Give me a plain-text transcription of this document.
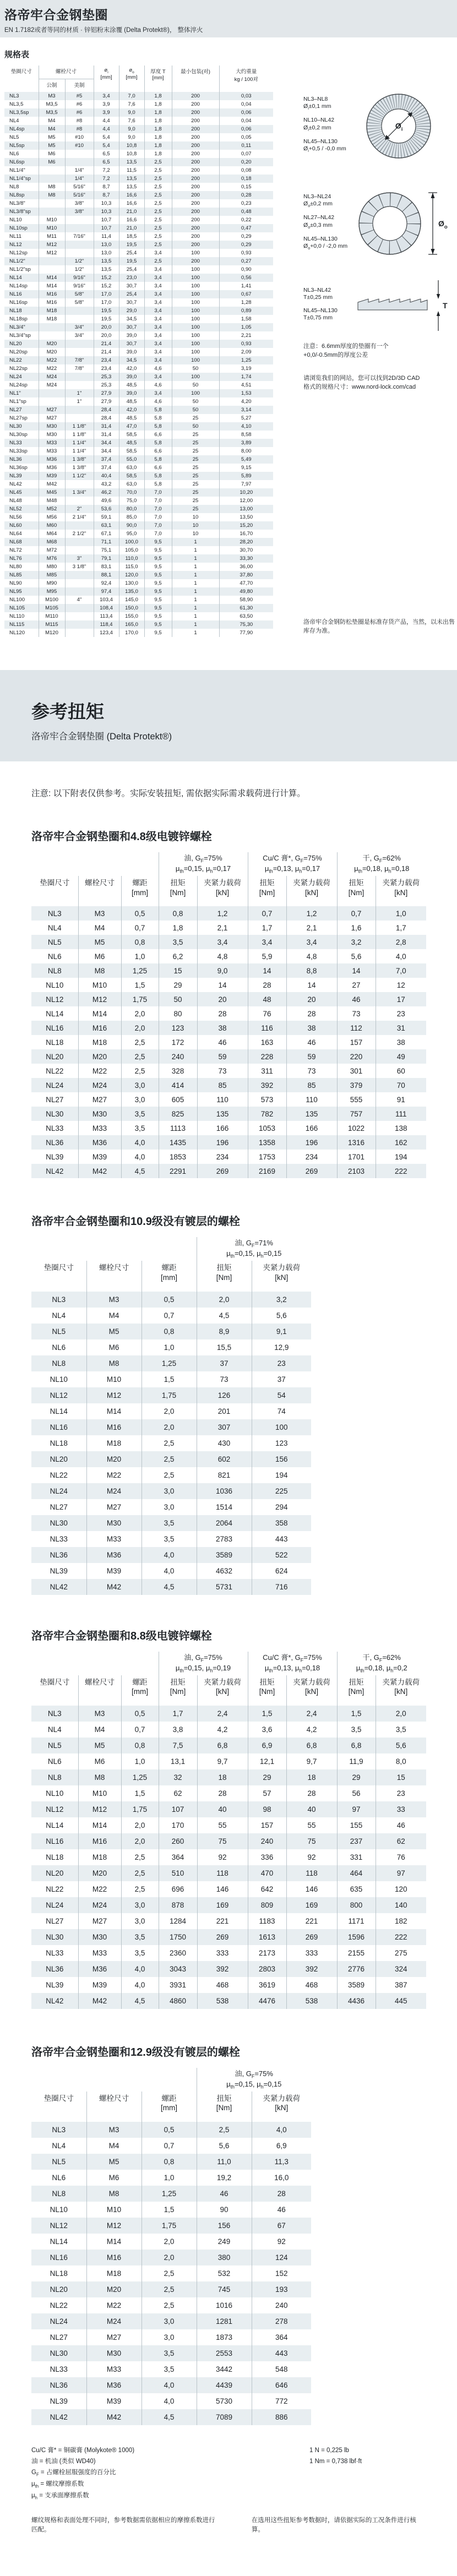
洛帝牢合金钢垫圈
EN 1.7182或者等同的材质 · 锌铝粉末涂覆 (Delta Protekt®)， 整体淬火
规格表
垫圈尺寸	螺栓尺寸		$ø_i$
[mm]	$ø_o$
[mm]	厚度 T
[mm]	最小包装(对)	大约重量
kg / 100对
	公制	美制					
NL3	M3	#5	3,4	7,0	1,8	200	0,03
NL3,5	M3,5	#6	3,9	7,6	1,8	200	0,04
NL3,5sp	M3,5	#6	3,9	9,0	1,8	200	0,06
NL4	M4	#8	4,4	7,6	1,8	200	0,04
NL4sp	M4	#8	4,4	9,0	1,8	200	0,06
NL5	M5	#10	5,4	9,0	1,8	200	0,05
NL5sp	M5	#10	5,4	10,8	1,8	200	0,11
NL6	M6		6,5	10,8	1,8	200	0,07
NL6sp	M6		6,5	13,5	2,5	200	0,20
NL1/4"		1/4"	7,2	11,5	2,5	200	0,08
NL1/4"sp		1/4"	7,2	13,5	2,5	200	0,18
NL8	M8	5/16"	8,7	13,5	2,5	200	0,15
NL8sp	M8	5/16"	8,7	16,6	2,5	200	0,28
NL3/8"		3/8"	10,3	16,6	2,5	200	0,23
NL3/8"sp		3/8"	10,3	21,0	2,5	200	0,48
NL10	M10		10,7	16,6	2,5	200	0,22
NL10sp	M10		10,7	21,0	2,5	200	0,47
NL11	M11	7/16"	11,4	18,5	2,5	200	0,29
NL12	M12		13,0	19,5	2,5	200	0,29
NL12sp	M12		13,0	25,4	3,4	100	0,93
NL1/2"		1/2"	13,5	19,5	2,5	200	0,27
NL1/2"sp		1/2"	13,5	25,4	3,4	100	0,90
NL14	M14	9/16"	15,2	23,0	3,4	100	0,56
NL14sp	M14	9/16"	15,2	30,7	3,4	100	1,41
NL16	M16	5/8"	17,0	25,4	3,4	100	0,67
NL16sp	M16	5/8"	17,0	30,7	3,4	100	1,28
NL18	M18		19,5	29,0	3,4	100	0,89
NL18sp	M18		19,5	34,5	3,4	100	1,58
NL3/4"		3/4"	20,0	30,7	3,4	100	1,05
NL3/4"sp		3/4"	20,0	39,0	3,4	100	2,21
NL20	M20		21,4	30,7	3,4	100	0,93
NL20sp	M20		21,4	39,0	3,4	100	2,09
NL22	M22	7/8"	23,4	34,5	3,4	100	1,25
NL22sp	M22	7/8"	23,4	42,0	4,6	50	3,19
NL24	M24		25,3	39,0	3,4	100	1,74
NL24sp	M24		25,3	48,5	4,6	50	4,51
NL1"		1"	27,9	39,0	3,4	100	1,53
NL1"sp		1"	27,9	48,5	4,6	50	4,20
NL27	M27		28,4	42,0	5,8	50	3,14
NL27sp	M27		28,4	48,5	5,8	25	5,27
NL30	M30	1 1/8"	31,4	47,0	5,8	50	4,10
NL30sp	M30	1 1/8"	31,4	58,5	6,6	25	8,58
NL33	M33	1 1/4"	34,4	48,5	5,8	25	3,89
NL33sp	M33	1 1/4"	34,4	58,5	6,6	25	8,00
NL36	M36	1 3/8"	37,4	55,0	5,8	25	5,49
NL36sp	M36	1 3/8"	37,4	63,0	6,6	25	9,15
NL39	M39	1 1/2"	40,4	58,5	5,8	25	5,89
NL42	M42		43,2	63,0	5,8	25	7,97
NL45	M45	1 3/4"	46,2	70,0	7,0	25	10,20
NL48	M48		49,6	75,0	7,0	25	12,00
NL52	M52	2"	53,6	80,0	7,0	25	13,00
NL56	M56	2 1/4"	59,1	85,0	7,0	10	13,50
NL60	M60		63,1	90,0	7,0	10	15,20
NL64	M64	2 1/2"	67,1	95,0	7,0	10	16,70
NL68	M68		71,1	100,0	9,5	1	28,20
NL72	M72		75,1	105,0	9,5	1	30,70
NL76	M76	3"	79,1	110,0	9,5	1	33,30
NL80	M80	3 1/8"	83,1	115,0	9,5	1	36,00
NL85	M85		88,1	120,0	9,5	1	37,80
NL90	M90		92,4	130,0	9,5	1	47,70
NL95	M95		97,4	135,0	9,5	1	49,80
NL100	M100	4"	103,4	145,0	9,5	1	58,90
NL105	M105		108,4	150,0	9,5	1	61,30
NL110	M110		113,4	155,0	9,5	1	63,50
NL115	M115		118,4	165,0	9,5	1	75,30
NL120	M120		123,4	170,0	9,5	1	77,90
NL3–NL8
$Ø_i\pm 0,1$ mm
NL10–NL42
$Ø_i\pm 0,2$ mm
NL45–NL130
$Ø_i+0,5 / -0,0$ mm
$Ø_i$
NL3–NL24
$Ø_o\pm 0,2$ mm
NL27–NL42
$Ø_o\pm 0,3$ mm
NL45–NL130
$Ø_o+0,0 / -2,0$ mm
$Ø_o$
NL3–NL42
T±0,25 mm
NL45–NL130
T±0,75 mm
T
注意：6.6mm厚度的垫圈有一个
+0,0/-0.5mm的厚度公差
请浏览我们的网站，您可以找到2D/3D CAD
格式的规格尺寸：www.nord-lock.com/cad
洛帝牢合金钢防松垫圈是标准存货产品，当然，以未出售库存为准。
参考扭矩
洛帝牢合金钢垫圈 (Delta Protekt®)
注意: 以下附表仅供参考。实际安装扭矩, 需依据实际需求载荷进行计算。
洛帝牢合金钢垫圈和4.8级电镀锌螺栓

油, $G_F=75\%$
$\mu_{th}=0,15$, $\mu_h=0,17$

Cu/C 膏*, $G_F=75\%$
$\mu_{th}=0,13$, $\mu_h=0,17$

干, $G_F=62\%$
$\mu_{th}=0,18$, $\mu_h=0,18$

垫圈尺寸	螺栓尺寸	螺距
[mm]	扭矩
[Nm]	夹紧力载荷
[kN]	扭矩
[Nm]	夹紧力载荷
[kN]	扭矩
[Nm]	夹紧力载荷
[kN]
NL3	M3	0,5	0,8	1,2	0,7	1,2	0,7	1,0
NL4	M4	0,7	1,8	2,1	1,7	2,1	1,6	1,7
NL5	M5	0,8	3,5	3,4	3,4	3,4	3,2	2,8
NL6	M6	1,0	6,2	4,8	5,9	4,8	5,6	4,0
NL8	M8	1,25	15	9,0	14	8,8	14	7,0
NL10	M10	1,5	29	14	28	14	27	12
NL12	M12	1,75	50	20	48	20	46	17
NL14	M14	2,0	80	28	76	28	73	23
NL16	M16	2,0	123	38	116	38	112	31
NL18	M18	2,5	172	46	163	46	157	38
NL20	M20	2,5	240	59	228	59	220	49
NL22	M22	2,5	328	73	311	73	301	60
NL24	M24	3,0	414	85	392	85	379	70
NL27	M27	3,0	605	110	573	110	555	91
NL30	M30	3,5	825	135	782	135	757	111
NL33	M33	3,5	1113	166	1053	166	1022	138
NL36	M36	4,0	1435	196	1358	196	1316	162
NL39	M39	4,0	1853	234	1753	234	1701	194
NL42	M42	4,5	2291	269	2169	269	2103	222
洛帝牢合金钢垫圈和10.9级没有镀层的螺栓

			油, $G_F=71\%$
$\mu_{th}=0,15$, $\mu_h=0,15$	

垫圈尺寸	螺栓尺寸	螺距
[mm]	扭矩
[Nm]	夹紧力载荷
[kN]
NL3	M3	0,5	2,0	3,2
NL4	M4	0,7	4,5	5,6
NL5	M5	0,8	8,9	9,1
NL6	M6	1,0	15,5	12,9
NL8	M8	1,25	37	23
NL10	M10	1,5	73	37
NL12	M12	1,75	126	54
NL14	M14	2,0	201	74
NL16	M16	2,0	307	100
NL18	M18	2,5	430	123
NL20	M20	2,5	602	156
NL22	M22	2,5	821	194
NL24	M24	3,0	1036	225
NL27	M27	3,0	1514	294
NL30	M30	3,5	2064	358
NL33	M33	3,5	2783	443
NL36	M36	4,0	3589	522
NL39	M39	4,0	4632	624
NL42	M42	4,5	5731	716
洛帝牢合金钢垫圈和8.8级电镀锌螺栓

油, $G_F=75\%$
$\mu_{th}=0,15$, $\mu_h=0,19$

Cu/C 膏*, $G_F=75\%$
$\mu_{th}=0,13$, $\mu_h=0,18$

干, $G_F=62\%$
$\mu_{th}=0,18$, $\mu_h=0,2$

垫圈尺寸	螺栓尺寸	螺距
[mm]	扭矩
[Nm]	夹紧力载荷
[kN]	扭矩
[Nm]	夹紧力载荷
[kN]	扭矩
[Nm]	夹紧力载荷
[kN]
NL3	M3	0,5	1,7	2,4	1,5	2,4	1,5	2,0
NL4	M4	0,7	3,8	4,2	3,6	4,2	3,5	3,5
NL5	M5	0,8	7,5	6,8	6,9	6,8	6,8	5,6
NL6	M6	1,0	13,1	9,7	12,1	9,7	11,9	8,0
NL8	M8	1,25	32	18	29	18	29	15
NL10	M10	1,5	62	28	57	28	56	23
NL12	M12	1,75	107	40	98	40	97	33
NL14	M14	2,0	170	55	157	55	155	46
NL16	M16	2,0	260	75	240	75	237	62
NL18	M18	2,5	364	92	336	92	331	76
NL20	M20	2,5	510	118	470	118	464	97
NL22	M22	2,5	696	146	642	146	635	120
NL24	M24	3,0	878	169	809	169	800	140
NL27	M27	3,0	1284	221	1183	221	1171	182
NL30	M30	3,5	1750	269	1613	269	1596	222
NL33	M33	3,5	2360	333	2173	333	2155	275
NL36	M36	4,0	3043	392	2803	392	2776	324
NL39	M39	4,0	3931	468	3619	468	3589	387
NL42	M42	4,5	4860	538	4476	538	4436	445
洛帝牢合金钢垫圈和12.9级没有镀层的螺栓

			油, $G_F=75\%$
$\mu_{th}=0,15$, $\mu_h=0,15$	

垫圈尺寸	螺栓尺寸	螺距
[mm]	扭矩
[Nm]	夹紧力载荷
[kN]
NL3	M3	0,5	2,5	4,0
NL4	M4	0,7	5,6	6,9
NL5	M5	0,8	11,0	11,3
NL6	M6	1,0	19,2	16,0
NL8	M8	1,25	46	28
NL10	M10	1,5	90	46
NL12	M12	1,75	156	67
NL14	M14	2,0	249	92
NL16	M16	2,0	380	124
NL18	M18	2,5	532	152
NL20	M20	2,5	745	193
NL22	M22	2,5	1016	240
NL24	M24	3,0	1281	278
NL27	M27	3,0	1873	364
NL30	M30	3,5	2553	443
NL33	M33	3,5	3442	548
NL36	M36	4,0	4439	646
NL39	M39	4,0	5730	772
NL42	M42	4,5	7089	886
Cu/C 膏* = 铜碳膏 (Molykote® 1000)
油 = 机油 (类似 WD40)
$G_F$ = 占螺栓屈服强度的百分比
$\mu_{th}$ = 螺纹摩擦系数
$\mu_h$ = 支承面摩擦系数
1 N = 0,225 lb
1 Nm = 0,738 lbf·ft
螺纹规格和表面处理不同时，参考数据需依据相应的摩擦系数进行匹配。
在选用这些扭矩参考数据时，请依据实际的工况条件进行核算。
